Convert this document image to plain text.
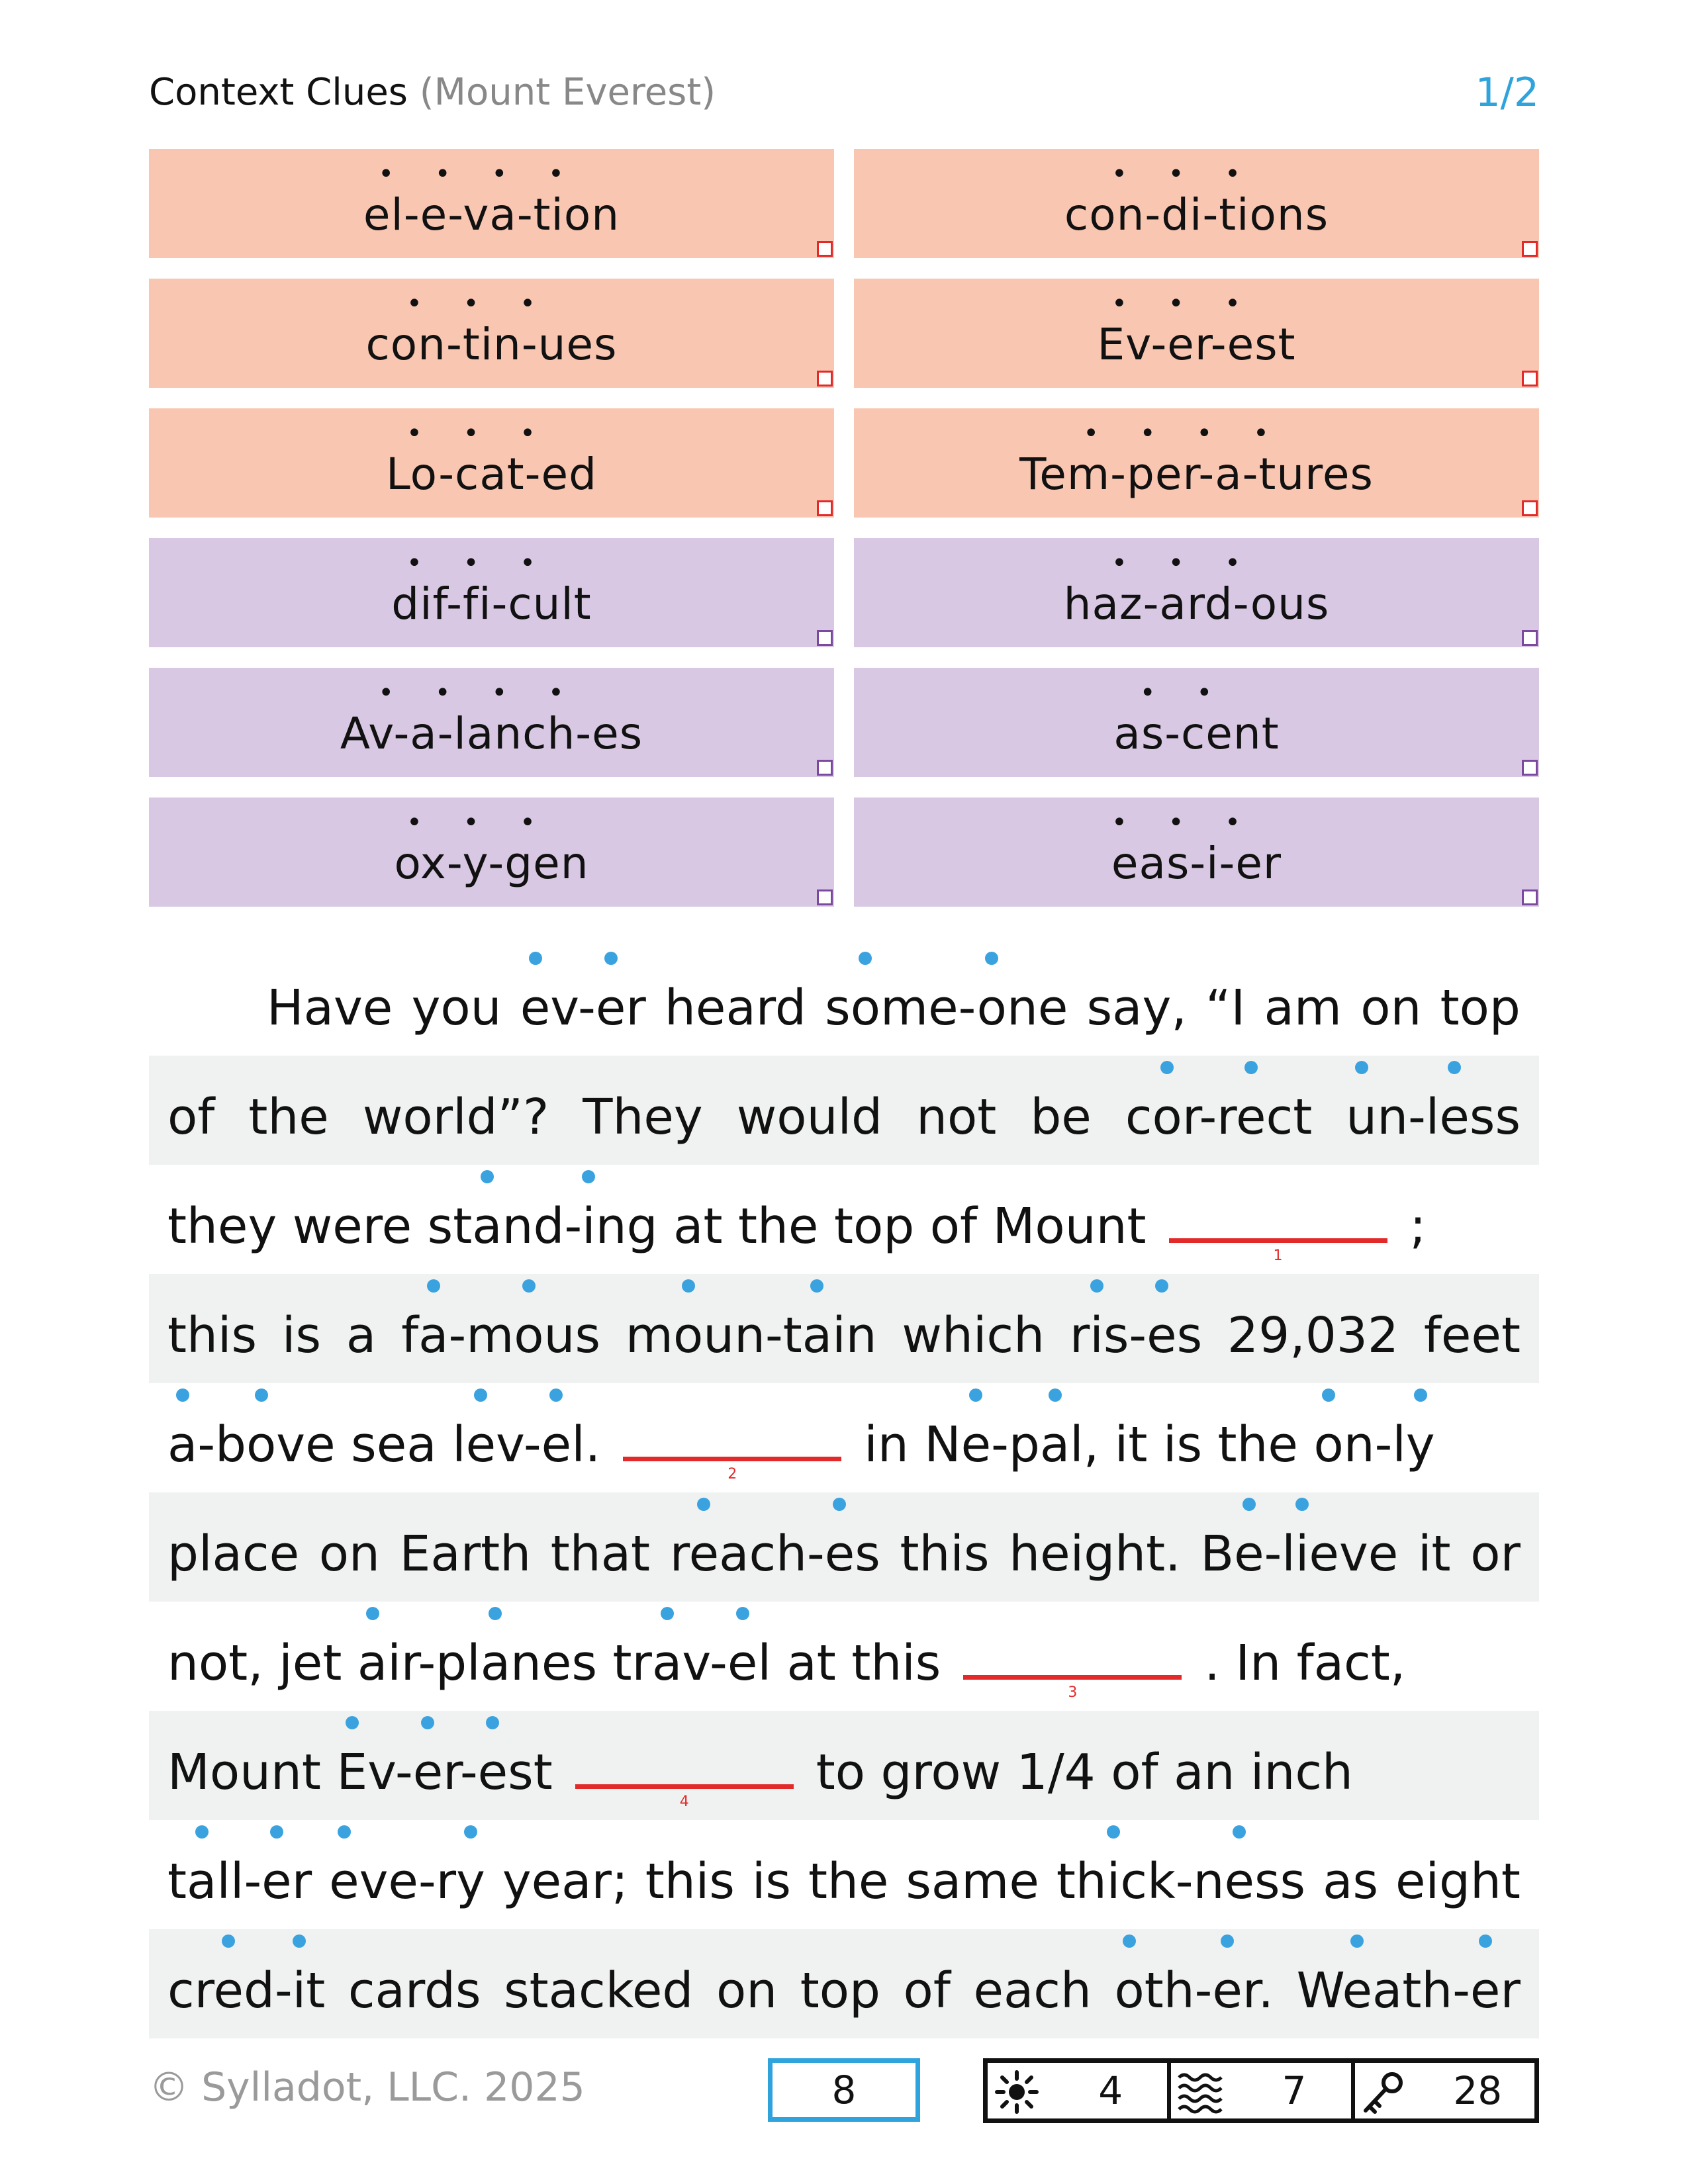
Context Clues (Mount Everest)	1/2
••••
el-e-va-tion
•••
con-di-tions
•••
con-tin-ues
•••
Ev-er-est
•••
Lo-cat-ed
••••
Tem-per-a-tures
•••
dif-fi-cult
•••
haz-ard-ous
••••
Av-a-lanch-es
••
as-cent
•••
ox-y-gen
•••
eas-i-er
Have you ev-er heard some-one say, “I am on top
of the world”? They would not be cor-rect un-less
they were stand-ing at the top of Mount
1
;
this is a fa-mous moun-tain which ris-es 29,032 feet
a-bove sea lev-el.
2
in Ne-pal, it is the on-ly
place on Earth that reach-es this height. Be-lieve it or
not, jet air-planes trav-el at this
3
. In fact,
Mount Ev-er-est
4
to grow 1/4 of an inch
tall-er eve-ry year; this is the same thick-ness as eight
cred-it cards stacked on top of each oth-er. Weath-er
© Sylladot, LLC. 2025	8	4	7	28
